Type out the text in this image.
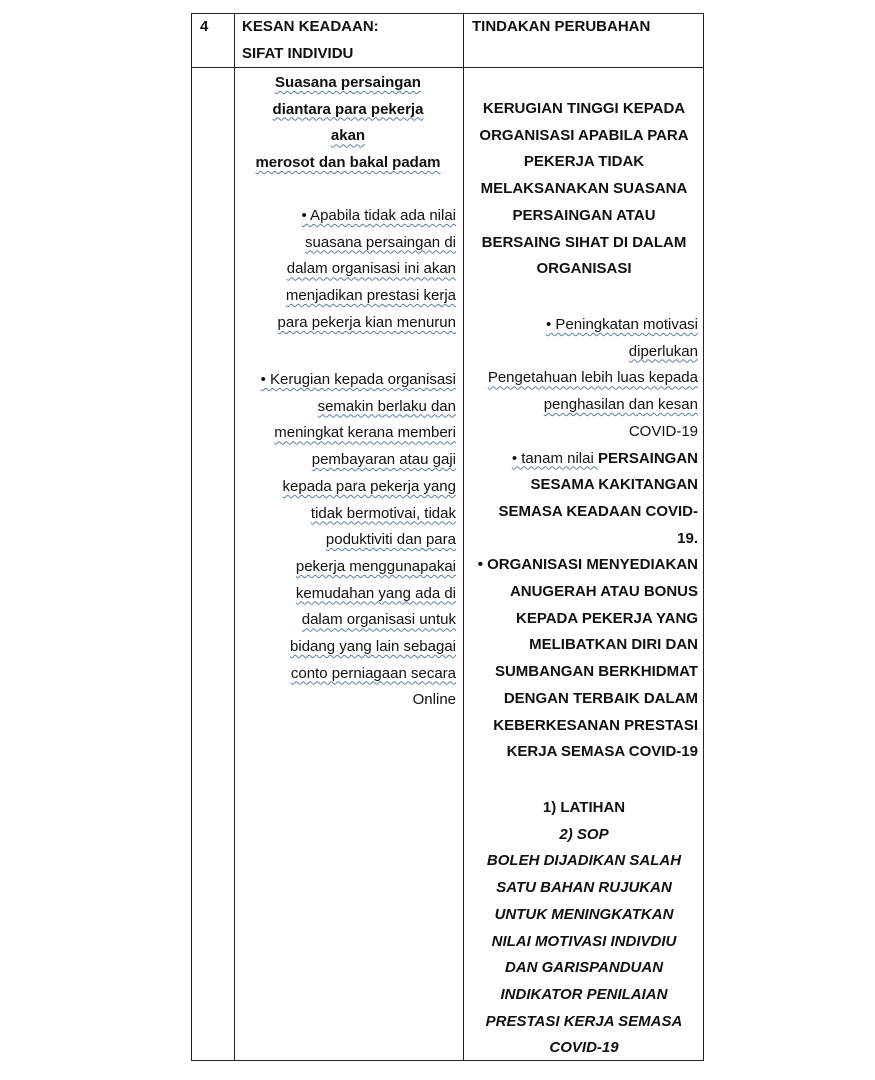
4 KESAN KEADAAN:
SIFAT INDIVIDU
TINDAKAN PERUBAHAN
Suasana persaingan
diantara para pekerja
akan
merosot dan bakal padam
• Apabila tidak ada nilai
suasana persaingan di
dalam organisasi ini akan
menjadikan prestasi kerja
para pekerja kian menurun
• Kerugian kepada organisasi
semakin berlaku dan
meningkat kerana memberi
pembayaran atau gaji
kepada para pekerja yang
tidak bermotivai, tidak
poduktiviti dan para
pekerja menggunapakai
kemudahan yang ada di
dalam organisasi untuk
bidang yang lain sebagai
conto perniagaan secara
Online
KERUGIAN TINGGI KEPADA
ORGANISASI APABILA PARA
PEKERJA TIDAK
MELAKSANAKAN SUASANA
PERSAINGAN ATAU
BERSAING SIHAT DI DALAM
ORGANISASI
• Peningkatan motivasi
diperlukan
Pengetahuan lebih luas kepada
penghasilan dan kesan
COVID-19
• tanam nilai PERSAINGAN
SESAMA KAKITANGAN
SEMASA KEADAAN COVID-
19.
• ORGANISASI MENYEDIAKAN
ANUGERAH ATAU BONUS
KEPADA PEKERJA YANG
MELIBATKAN DIRI DAN
SUMBANGAN BERKHIDMAT
DENGAN TERBAIK DALAM
KEBERKESANAN PRESTASI
KERJA SEMASA COVID-19
1) LATIHAN
2) SOP
BOLEH DIJADIKAN SALAH
SATU BAHAN RUJUKAN
UNTUK MENINGKATKAN
NILAI MOTIVASI INDIVDIU
DAN GARISPANDUAN
INDIKATOR PENILAIAN
PRESTASI KERJA SEMASA
COVID-19
